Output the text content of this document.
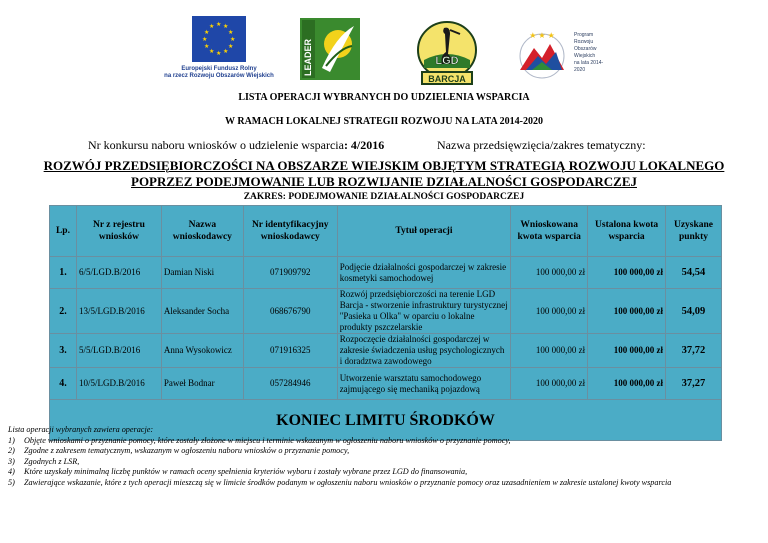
★ ★
★
★
★
★
★
★
★
★
★
★
Europejski Fundusz Rolny
na rzecz Rozwoju Obszarów Wiejskich	LEADER	LGD
BARCJA
★ ★ ★	Program
Rozwoju
Obszarów
Wiejskich
na lata 2014-2020
LISTA OPERACJI WYBRANYCH DO UDZIELENIA WSPARCIA
W RAMACH LOKALNEJ STRATEGII ROZWOJU NA LATA 2014-2020
Nr konkursu naboru wniosków o udzielenie wsparcia: 4/2016	Nazwa przedsięwzięcia/zakres tematyczny:
ROZWÓJ PRZEDSIĘBIORCZOŚCI NA OBSZARZE WIEJSKIM OBJĘTYM STRATEGIĄ ROZWOJU LOKALNEGO
POPRZEZ PODEJMOWANIE LUB ROZWIJANIE DZIAŁALNOŚCI GOSPODARCZEJ
ZAKRES: PODEJMOWANIE DZIAŁALNOŚCI GOSPODARCZEJ
Lp.	Nr z rejestru wniosków	Nazwa wnioskodawcy	Nr identyfikacyjny wnioskodawcy	Tytuł operacji	Wnioskowana kwota wsparcia	Ustalona kwota wsparcia	Uzyskane punkty
1.	6/5/LGD.B/2016	Damian Niski	071909792	Podjęcie działalności gospodarczej w zakresie kosmetyki samochodowej	100 000,00 zł	100 000,00 zł	54,54
2.	13/5/LGD.B/2016	Aleksander Socha	068676790	Rozwój przedsiębiorczości na terenie LGD Barcja - stworzenie infrastruktury turystycznej "Pasieka u Olka" w oparciu o lokalne produkty pszczelarskie	100 000,00 zł	100 000,00 zł	54,09
3.	5/5/LGD.B/2016	Anna Wysokowicz	071916325	Rozpoczęcie działalności gospodarczej w zakresie świadczenia usług psychologicznych i doradztwa zawodowego	100 000,00 zł	100 000,00 zł	37,72
4.	10/5/LGD.B/2016	Paweł Bodnar	057284946	Utworzenie warsztatu samochodowego zajmującego się mechaniką pojazdową	100 000,00 zł	100 000,00 zł	37,27
KONIEC LIMITU ŚRODKÓW							
Lista operacji wybranych zawiera operacje:
1)	Objęte wnioskami o przyznanie pomocy, które zostały złożone w miejscu i terminie wskazanym w ogłoszeniu naboru wniosków o przyznanie pomocy,
2)	Zgodne z zakresem tematycznym, wskazanym w ogłoszeniu naboru wniosków o przyznanie pomocy,
3)	Zgodnych z LSR,
4)	Które uzyskały minimalną liczbę punktów w ramach oceny spełnienia kryteriów wyboru i zostały wybrane przez LGD do finansowania,
5)	Zawierające wskazanie, które z tych operacji mieszczą się w limicie środków podanym w ogłoszeniu naboru wniosków o przyznanie pomocy oraz uzasadnieniem w zakresie ustalonej kwoty wsparcia
